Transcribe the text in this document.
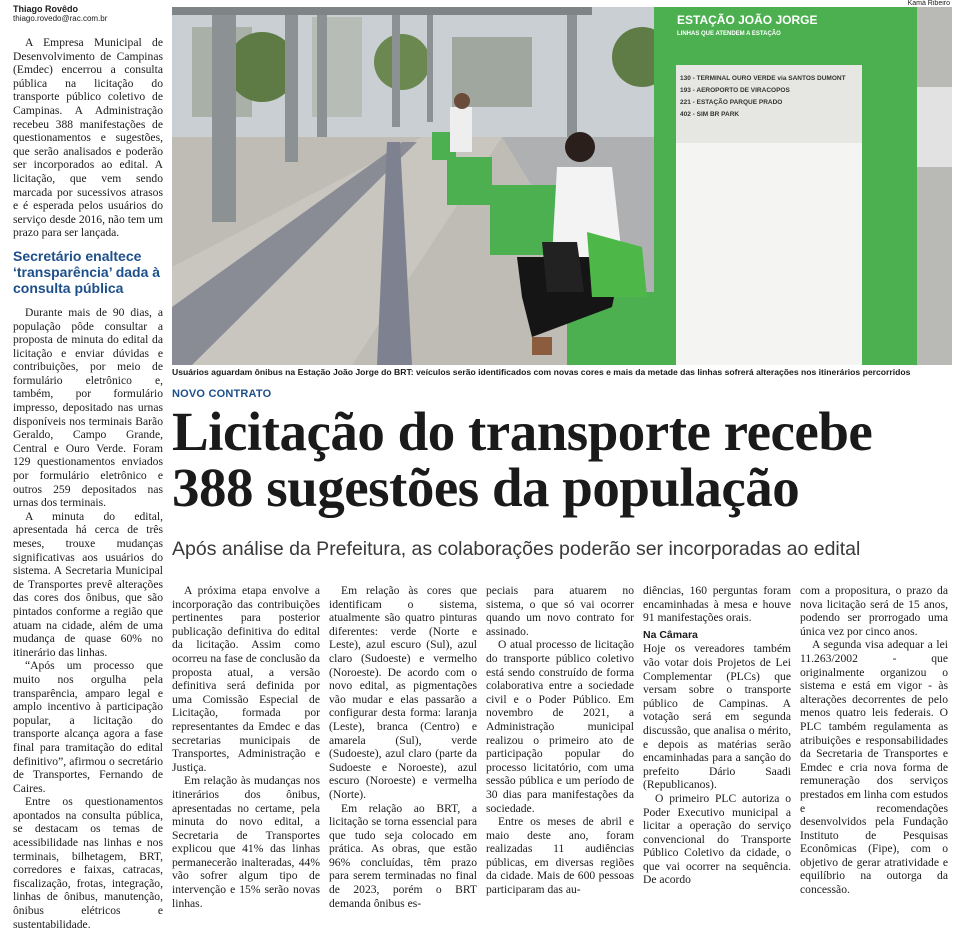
Thiago Rovêdo
thiago.rovedo@rac.com.br

A Empresa Municipal de Desenvolvimento de Campinas (Emdec) encerrou a consulta pública na licitação do transporte público coletivo de Campinas. A Administração recebeu 388 manifestações de questionamentos e sugestões, que serão analisados e poderão ser incorporados ao edital. A licitação, que vem sendo marcada por sucessivos atrasos e é esperada pelos usuários do serviço desde 2016, não tem um prazo para ser lançada.

Secretário enaltece ‘transparência’ dada à consulta pública

Durante mais de 90 dias, a população pôde consultar a proposta de minuta do edital da licitação e enviar dúvidas e contribuições, por meio de formulário eletrônico e, também, por formulário impresso, depositado nas urnas disponíveis nos terminais Barão Geraldo, Campo Grande, Central e Ouro Verde. Foram 129 questionamentos enviados por formulário eletrônico e outros 259 depositados nas urnas dos terminais.

A minuta do edital, apresentada há cerca de três meses, trouxe mudanças significativas aos usuários do sistema. A Secretaria Municipal de Transportes prevê alterações das cores dos ônibus, que são pintados conforme a região que atuam na cidade, além de uma mudança de quase 60% no itinerário das linhas.

“Após um processo que muito nos orgulha pela transparência, amparo legal e amplo incentivo à participação popular, a licitação do transporte alcança agora a fase final para tramitação do edital definitivo”, afirmou o secretário de Transportes, Fernando de Caires.

Entre os questionamentos apontados na consulta pública, se destacam os temas de acessibilidade nas linhas e nos terminais, bilhetagem, BRT, corredores e faixas, catracas, fiscalização, frotas, integração, linhas de ônibus, manutenção, ônibus elétricos e sustentabilidade.

ESTAÇÃO JOÃO JORGE
LINHAS QUE ATENDEM A ESTAÇÃO
130 - TERMINAL OURO VERDE via SANTOS DUMONT
193 - AEROPORTO DE VIRACOPOS
221 - ESTAÇÃO PARQUE PRADO
402 - SIM BR PARK
Kamá Ribeiro
Usuários aguardam ônibus na Estação João Jorge do BRT: veículos serão identificados com novas cores e mais da metade das linhas sofrerá alterações nos itinerários percorridos
NOVO CONTRATO
Licitação do transporte recebe 388 sugestões da população
Após análise da Prefeitura, as colaborações poderão ser incorporadas ao edital

A próxima etapa envolve a incorporação das contribuições pertinentes para posterior publicação definitiva do edital da licitação. Assim como ocorreu na fase de conclusão da proposta atual, a versão definitiva será definida por uma Comissão Especial de Licitação, formada por representantes da Emdec e das secretarias municipais de Transportes, Administração e Justiça.

Em relação às mudanças nos itinerários dos ônibus, apresentadas no certame, pela minuta do novo edital, a Secretaria de Transportes explicou que 41% das linhas permanecerão inalteradas, 44% vão sofrer algum tipo de intervenção e 15% serão novas linhas.

Em relação às cores que identificam o sistema, atualmente são quatro pinturas diferentes: verde (Norte e Leste), azul escuro (Sul), azul claro (Sudoeste) e vermelho (Noroeste). De acordo com o novo edital, as pigmentações vão mudar e elas passarão a configurar desta forma: laranja (Leste), branca (Centro) e amarela (Sul), verde (Sudoeste), azul claro (parte da Sudoeste e Noroeste), azul escuro (Noroeste) e vermelha (Norte).

Em relação ao BRT, a licitação se torna essencial para que tudo seja colocado em prática. As obras, que estão 96% concluídas, têm prazo para serem terminadas no final de 2023, porém o BRT demanda ônibus es-

peciais para atuarem no sistema, o que só vai ocorrer quando um novo contrato for assinado.

O atual processo de licitação do transporte público coletivo está sendo construído de forma colaborativa entre a sociedade civil e o Poder Público. Em novembro de 2021, a Administração municipal realizou o primeiro ato de participação popular do processo licitatório, com uma sessão pública e um período de 30 dias para manifestações da sociedade.

Entre os meses de abril e maio deste ano, foram realizadas 11 audiências públicas, em diversas regiões da cidade. Mais de 600 pessoas participaram das au-

diências, 160 perguntas foram encaminhadas à mesa e houve 91 manifestações orais.

Na Câmara

Hoje os vereadores também vão votar dois Projetos de Lei Complementar (PLCs) que versam sobre o transporte público de Campinas. A votação será em segunda discussão, que analisa o mérito, e depois as matérias serão encaminhadas para a sanção do prefeito Dário Saadi (Republicanos).

O primeiro PLC autoriza o Poder Executivo municipal a licitar a operação do serviço convencional do Transporte Público Coletivo da cidade, o que vai ocorrer na sequência. De acordo

com a propositura, o prazo da nova licitação será de 15 anos, podendo ser prorrogado uma única vez por cinco anos.

A segunda visa adequar a lei 11.263/2002 - que originalmente organizou o sistema e está em vigor - às alterações decorrentes de pelo menos quatro leis federais. O PLC também regulamenta as atribuições e responsabilidades da Secretaria de Transportes e Emdec e cria nova forma de remuneração dos serviços prestados em linha com estudos e recomendações desenvolvidos pela Fundação Instituto de Pesquisas Econômicas (Fipe), com o objetivo de gerar atratividade e equilíbrio na outorga da concessão.
